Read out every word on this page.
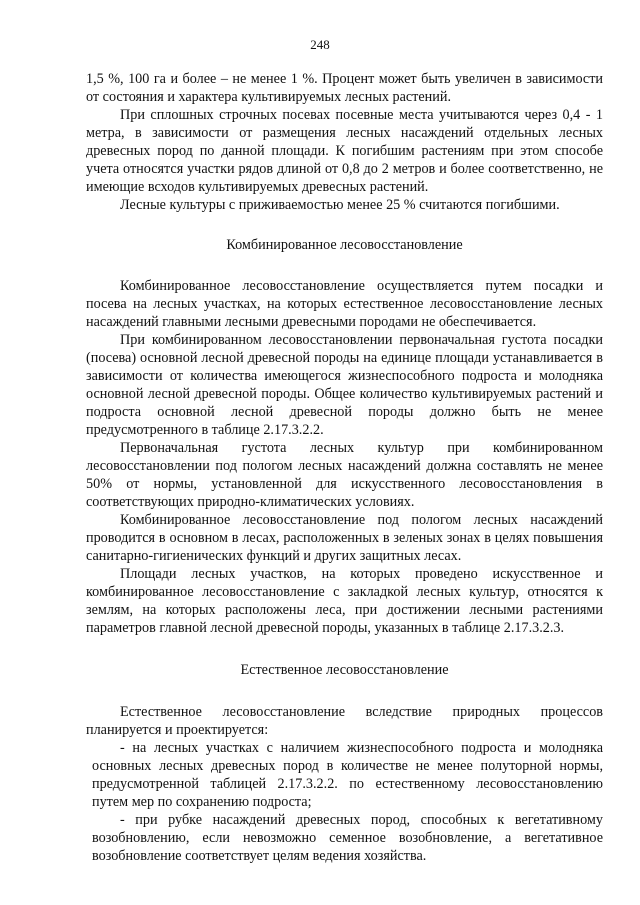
248

1,5 %, 100 га и более – не менее 1 %. Процент может быть увеличен в зависимости от состояния и характера культивируемых лесных растений.

При сплошных строчных посевах посевные места учитываются через 0,4 - 1 метра, в зависимости от размещения лесных насаждений отдельных лесных древесных пород по данной площади. К погибшим растениям при этом способе учета относятся участки рядов длиной от 0,8 до 2 метров и более соответственно, не имеющие всходов культивируемых древесных растений.

Лесные культуры с приживаемостью менее 25 % считаются погибшими.

Комбинированное лесовосстановление

Комбинированное лесовосстановление осуществляется путем посадки и посева на лесных участках, на которых естественное лесовосстановление лесных насаждений главными лесными древесными породами не обеспечивается.

При комбинированном лесовосстановлении первоначальная густота посадки (посева) основной лесной древесной породы на единице площади устанавливается в зависимости от количества имеющегося жизнеспособного подроста и молодняка основной лесной древесной породы. Общее количество культивируемых растений и подроста основной лесной древесной породы должно быть не менее предусмотренного в таблице 2.17.3.2.2.

Первоначальная густота лесных культур при комбинированном лесовосстановлении под пологом лесных насаждений должна составлять не менее 50% от нормы, установленной для искусственного лесовосстановления в соответствующих природно-климатических условиях.

Комбинированное лесовосстановление под пологом лесных насаждений проводится в основном в лесах, расположенных в зеленых зонах в целях повышения санитарно-гигиенических функций и других защитных лесах.

Площади лесных участков, на которых проведено искусственное и комбинированное лесовосстановление с закладкой лесных культур, относятся к землям, на которых расположены леса, при достижении лесными растениями параметров главной лесной древесной породы, указанных в таблице 2.17.3.2.3.

Естественное лесовосстановление

Естественное лесовосстановление вследствие природных процессов планируется и проектируется:

- на лесных участках с наличием жизнеспособного подроста и молодняка основных лесных древесных пород в количестве не менее полуторной нормы, предусмотренной таблицей 2.17.3.2.2. по естественному лесовосстановлению путем мер по сохранению подроста;

- при рубке насаждений древесных пород, способных к вегетативному возобновлению, если невозможно семенное возобновление, а вегетативное возобновление соответствует целям ведения хозяйства.
